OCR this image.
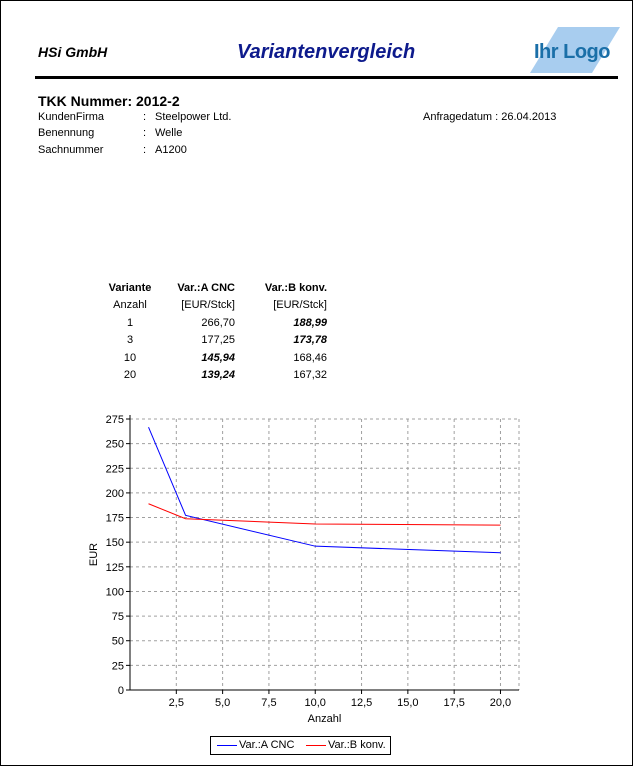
HSi GmbH	Variantenvergleich	Ihr Logo
TKK Nummer: 2012-2
KundenFirma	: Steelpower Ltd.
Benennung	: Welle
Sachnummer	: A1200
Anfragedatum : 26.04.2013
Variante	Var.:A CNC	Var.:B konv.
Anzahl	[EUR/Stck]	[EUR/Stck]
1	266,70	188,99
3	177,25	173,78
10	145,94	168,46
20	139,24	167,32
0
25
50
75
100
125
150
175
200
225
250
275
2,5	5,0	7,5	10,0 12,5 15,0 17,5 20,0
Anzahl
EUR
Var.:A CNC	Var.:B konv.
